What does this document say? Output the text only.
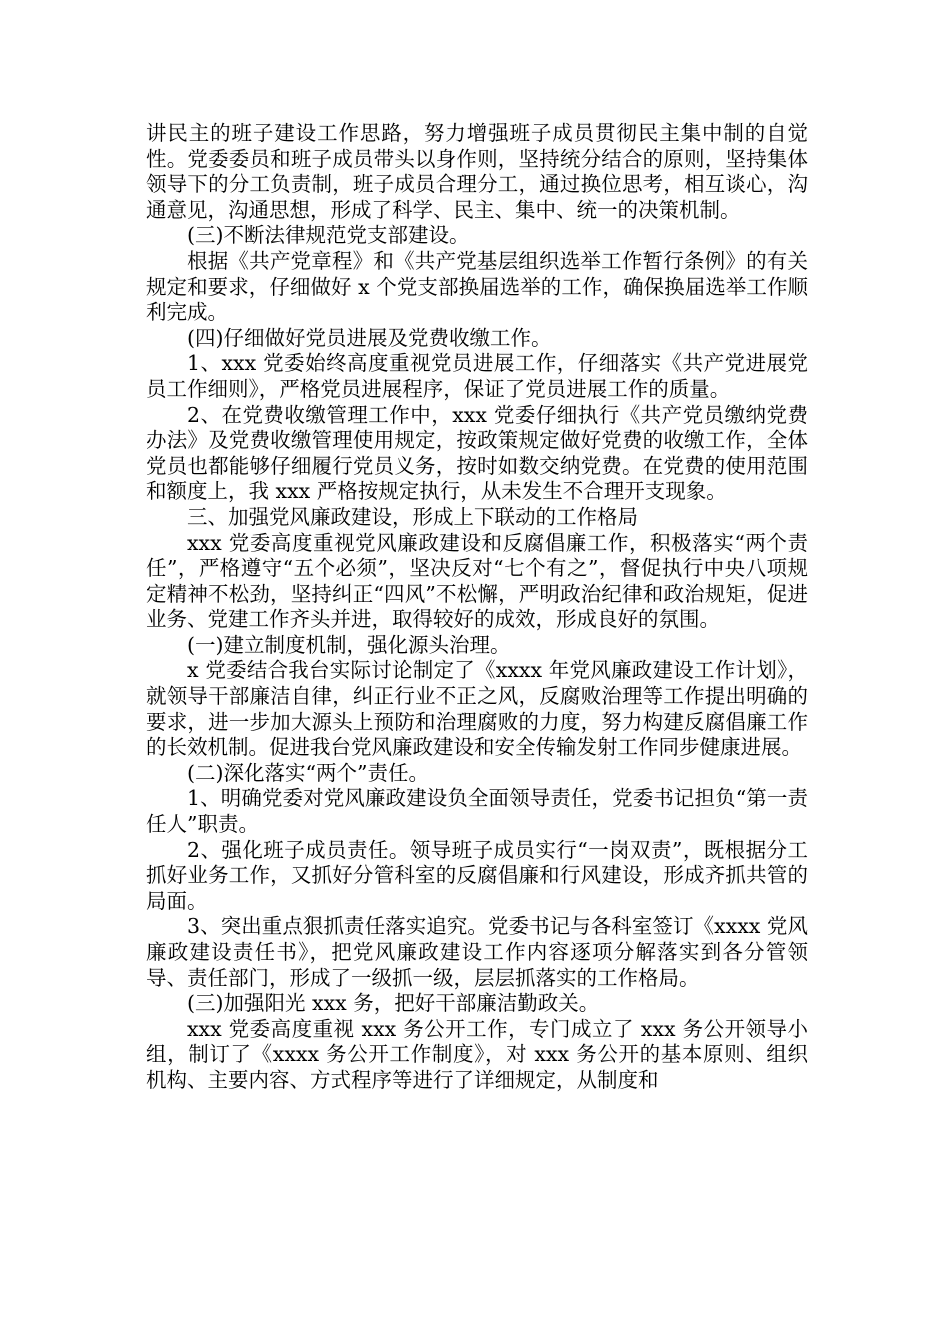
讲民主的班子建设工作思路，努力增强班子成员贯彻民主集中制的自觉性。党委委员和班子成员带头以身作则，坚持统分结合的原则，坚持集体领导下的分工负责制，班子成员合理分工，通过换位思考，相互谈心，沟通意见，沟通思想，形成了科学、民主、集中、统一的决策机制。

(三)不断法律规范党支部建设。

根据《共产党章程》和《共产党基层组织选举工作暂行条例》的有关规定和要求，仔细做好 x 个党支部换届选举的工作，确保换届选举工作顺利完成。

(四)仔细做好党员进展及党费收缴工作。

1、xxx 党委始终高度重视党员进展工作，仔细落实《共产党进展党员工作细则》，严格党员进展程序，保证了党员进展工作的质量。

2、在党费收缴管理工作中，xxx 党委仔细执行《共产党员缴纳党费办法》及党费收缴管理使用规定，按政策规定做好党费的收缴工作，全体党员也都能够仔细履行党员义务，按时如数交纳党费。在党费的使用范围和额度上，我 xxx 严格按规定执行，从未发生不合理开支现象。

三、加强党风廉政建设，形成上下联动的工作格局

xxx 党委高度重视党风廉政建设和反腐倡廉工作，积极落实“两个责任”，严格遵守“五个必须”，坚决反对“七个有之”，督促执行中央八项规定精神不松劲，坚持纠正“四风”不松懈，严明政治纪律和政治规矩，促进业务、党建工作齐头并进，取得较好的成效，形成良好的氛围。

(一)建立制度机制，强化源头治理。

x 党委结合我台实际讨论制定了《xxxx 年党风廉政建设工作计划》，就领导干部廉洁自律，纠正行业不正之风，反腐败治理等工作提出明确的要求，进一步加大源头上预防和治理腐败的力度，努力构建反腐倡廉工作的长效机制。促进我台党风廉政建设和安全传输发射工作同步健康进展。

(二)深化落实“两个”责任。

1、明确党委对党风廉政建设负全面领导责任，党委书记担负“第一责任人”职责。

2、强化班子成员责任。领导班子成员实行“一岗双责”，既根据分工抓好业务工作，又抓好分管科室的反腐倡廉和行风建设，形成齐抓共管的局面。

3、突出重点狠抓责任落实追究。党委书记与各科室签订《xxxx 党风廉政建设责任书》，把党风廉政建设工作内容逐项分解落实到各分管领导、责任部门，形成了一级抓一级，层层抓落实的工作格局。

(三)加强阳光 xxx 务，把好干部廉洁勤政关。

xxx 党委高度重视 xxx 务公开工作，专门成立了 xxx 务公开领导小组，制订了《xxxx 务公开工作制度》，对 xxx 务公开的基本原则、组织机构、主要内容、方式程序等进行了详细规定，从制度和
